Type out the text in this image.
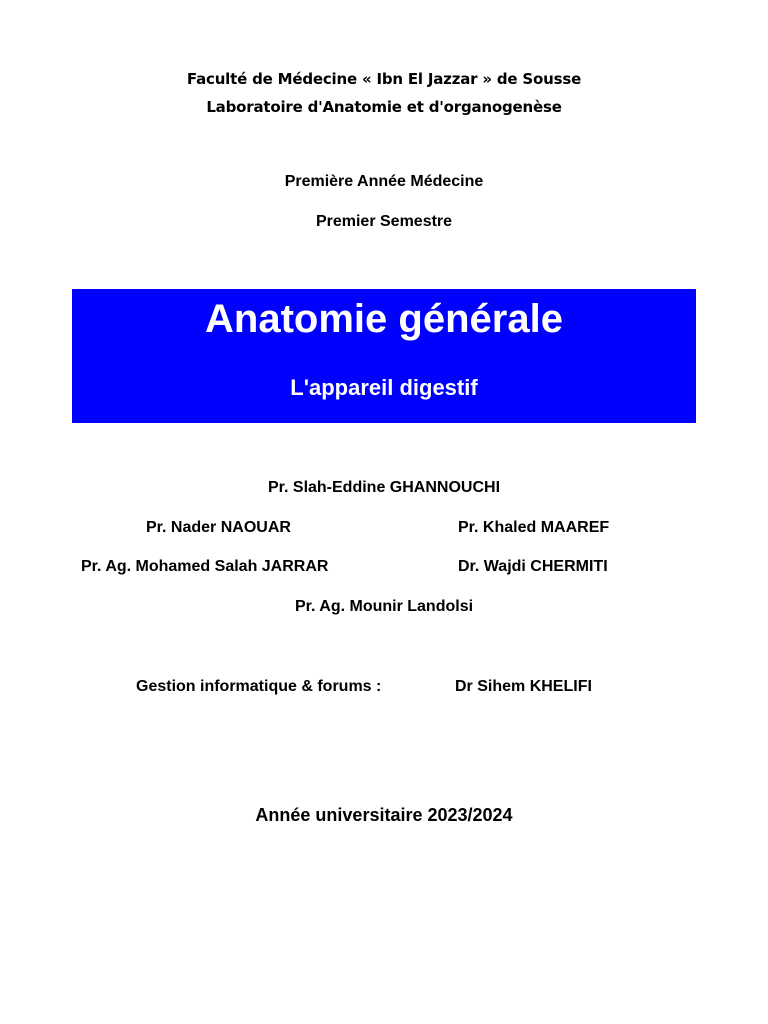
Faculté de Médecine « Ibn El Jazzar » de Sousse
Laboratoire d'Anatomie et d'organogenèse
Première Année Médecine
Premier Semestre
Anatomie générale
L'appareil digestif
Pr. Slah-Eddine GHANNOUCHI
Pr. Nader NAOUAR	Pr. Khaled MAAREF
Pr. Ag. Mohamed Salah JARRAR	Dr. Wajdi CHERMITI
Pr. Ag. Mounir Landolsi
Gestion informatique & forums :	Dr Sihem KHELIFI
Année universitaire 2023/2024
